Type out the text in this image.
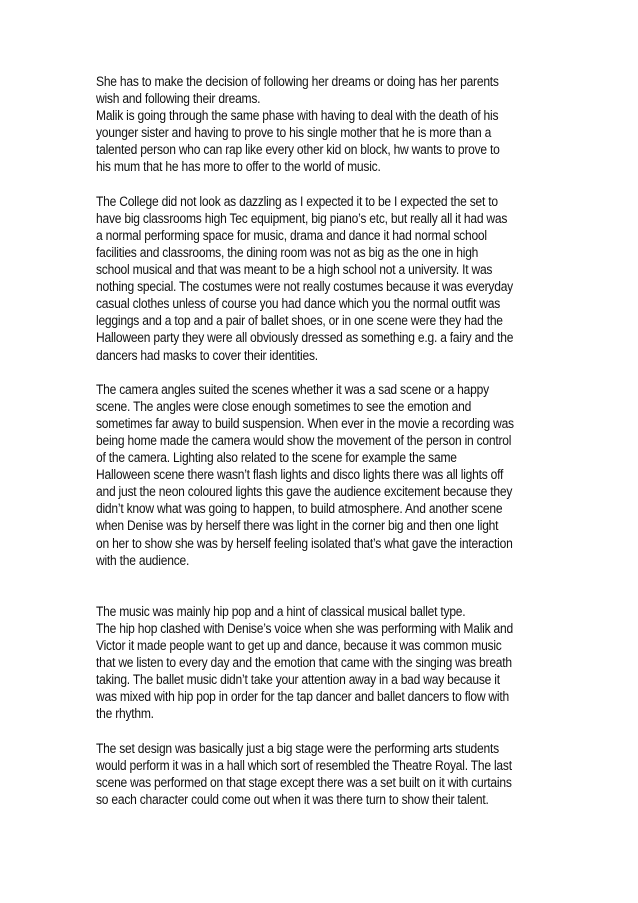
She has to make the decision of following her dreams or doing has her parents
wish and following their dreams.
Malik is going through the same phase with having to deal with the death of his
younger sister and having to prove to his single mother that he is more than a
talented person who can rap like every other kid on block, hw wants to prove to
his mum that he has more to offer to the world of music.
The College did not look as dazzling as I expected it to be I expected the set to
have big classrooms high Tec equipment, big piano’s etc, but really all it had was
a normal performing space for music, drama and dance it had normal school
facilities and classrooms, the dining room was not as big as the one in high
school musical and that was meant to be a high school not a university. It was
nothing special. The costumes were not really costumes because it was everyday
casual clothes unless of course you had dance which you the normal outfit was
leggings and a top and a pair of ballet shoes, or in one scene were they had the
Halloween party they were all obviously dressed as something e.g. a fairy and the
dancers had masks to cover their identities.
The camera angles suited the scenes whether it was a sad scene or a happy
scene. The angles were close enough sometimes to see the emotion and
sometimes far away to build suspension. When ever in the movie a recording was
being home made the camera would show the movement of the person in control
of the camera. Lighting also related to the scene for example the same
Halloween scene there wasn’t flash lights and disco lights there was all lights off
and just the neon coloured lights this gave the audience excitement because they
didn’t know what was going to happen, to build atmosphere. And another scene
when Denise was by herself there was light in the corner big and then one light
on her to show she was by herself feeling isolated that’s what gave the interaction
with the audience.
The music was mainly hip pop and a hint of classical musical ballet type.
The hip hop clashed with Denise’s voice when she was performing with Malik and
Victor it made people want to get up and dance, because it was common music
that we listen to every day and the emotion that came with the singing was breath
taking. The ballet music didn’t take your attention away in a bad way because it
was mixed with hip pop in order for the tap dancer and ballet dancers to flow with
the rhythm.
The set design was basically just a big stage were the performing arts students
would perform it was in a hall which sort of resembled the Theatre Royal. The last
scene was performed on that stage except there was a set built on it with curtains
so each character could come out when it was there turn to show their talent.
